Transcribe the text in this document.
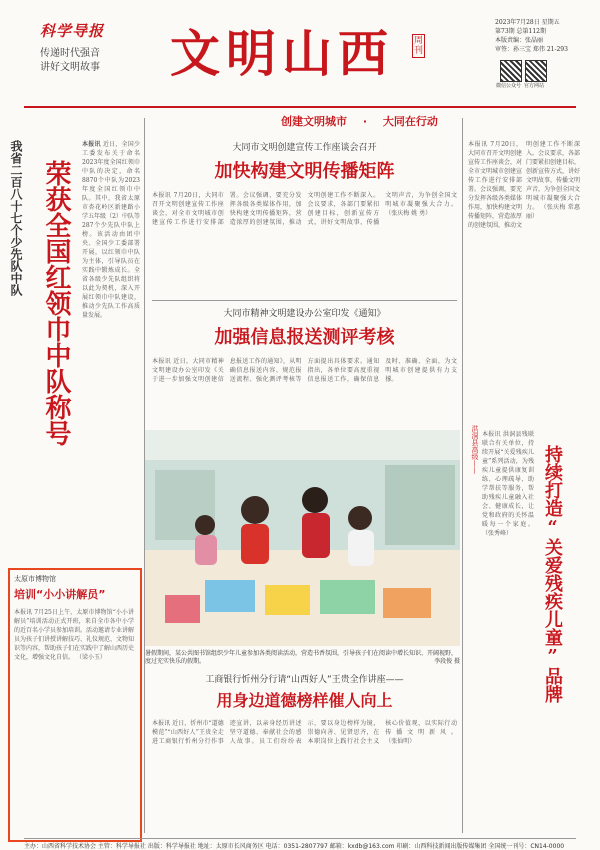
科学导报
传递时代强音
讲好文明故事 文明山西 周刊
2023年7月28日 星期五
第73期 总第112期
本版责编：张晶丽
审签：孙三宝 郑伟 21-293
微信公众号 官方网站
创建文明城市 · 大同在行动
我省二百八十七个少先队中队 荣获全国红领巾中队称号
本报讯 近日，全国少工委发布关于命名2023年度全国红领巾中队的决定，命名8870个中队为2023年度全国红领巾中队。其中，我省太原市杏花岭区新建路小学五年级（2）中队等287个少先队中队上榜。该活动由团中央、全国少工委部署开展，以红领巾中队为主体，引导队员在实践中锻炼成长。全省各级少先队组织将以此为契机，深入开展红领巾中队建设，推动少先队工作高质量发展。
大同市文明创建宣传工作座谈会召开
加快构建文明传播矩阵
本报讯 7月20日，大同市召开文明创建宣传工作座谈会，对全市文明城市创建宣传工作进行安排部署。会议强调，要充分发挥各级各类媒体作用，加快构建文明传播矩阵，营造浓厚的创建氛围，推动文明创建工作不断深入。会议要求，各部门要紧扣创建目标，创新宣传方式，讲好文明故事，传播文明声音，为争创全国文明城市凝聚强大合力。 （张庆梅 姚 勇）
大同市精神文明建设办公室印发《通知》
加强信息报送测评考核
本报讯 近日，大同市精神文明建设办公室印发《关于进一步加强文明创建信息报送工作的通知》，从明确信息报送内容、规范报送流程、强化测评考核等方面提出具体要求。通知指出，各单位要高度重视信息报送工作，确保信息及时、准确、全面，为文明城市创建提供有力支撑。
本报讯 7月20日，大同市召开文明创建宣传工作座谈会，对全市文明城市创建宣传工作进行安排部署。会议强调，要充分发挥各级各类媒体作用，加快构建文明传播矩阵，营造浓厚的创建氛围，推动文明创建工作不断深入。会议要求，各部门要紧扣创建目标，创新宣传方式，讲好文明故事，传播文明声音，为争创全国文明城市凝聚强大合力。 （张庆梅 常惠丽）
暑假期间，某公共图书馆组织少年儿童参加各类阅读活动，营造书香氛围，引导孩子们在阅读中增长知识、开阔视野，度过充实快乐的假期。	李段俊 摄
洪洞县高级—— 本报讯 洪洞县残联联合有关单位，持续开展“关爱残疾儿童”系列活动，为残疾儿童提供康复训练、心理疏导、助学帮扶等服务，帮助残疾儿童融入社会、健康成长，让党和政府的关怀温暖每一个家庭。 （张秀峰）	持续打造“关爱残疾儿童”品牌
太原市博物馆
培训“小小讲解员”
本报讯 7月25日上午，太原市博物馆“小小讲解员”培训活动正式开班，来自全市各中小学的近百名小学员参加培训。活动邀请专业讲解员为孩子们讲授讲解技巧、礼仪规范、文物知识等内容，帮助孩子们在实践中了解山西历史文化，增强文化自信。 （梁小玉）
工商银行忻州分行请“山西好人”王贵全作讲座——
用身边道德榜样催人向上
本报讯 近日，忻州市“道德模范”“山西好人”王贵全走进工商银行忻州分行作事迹宣讲，以亲身经历讲述坚守道德、奉献社会的感人故事。员工们纷纷表示，要以身边榜样为镜，崇德向善、见贤思齐，在本职岗位上践行社会主义核心价值观，以实际行动传播文明新风。 （张仙明）
主办：山西省科学技术协会 主管：科学导报社 出版：科学导报社 地址：太原市长风商务区 电话：0351-2807797 邮箱：kxdb@163.com 印刷：山西科技新闻出版传媒集团 全国统一刊号：CN14-0000
